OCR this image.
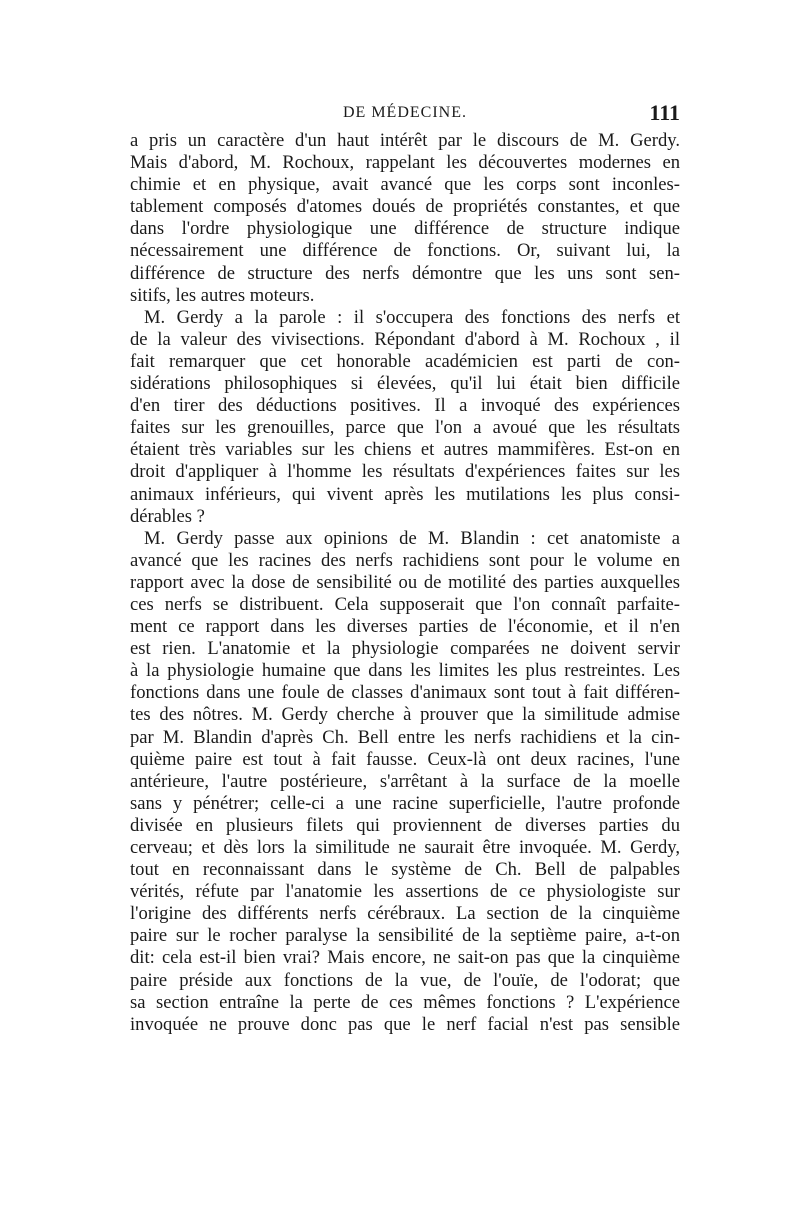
DE MÉDECINE.	111
a pris un caractère d'un haut intérêt par le discours de M. Gerdy.
Mais d'abord, M. Rochoux, rappelant les découvertes modernes en
chimie et en physique, avait avancé que les corps sont inconles-
tablement composés d'atomes doués de propriétés constantes, et que
dans l'ordre physiologique une différence de structure indique
nécessairement une différence de fonctions. Or, suivant lui, la
différence de structure des nerfs démontre que les uns sont sen-
sitifs, les autres moteurs.
M. Gerdy a la parole : il s'occupera des fonctions des nerfs et
de la valeur des vivisections. Répondant d'abord à M. Rochoux , il
fait remarquer que cet honorable académicien est parti de con-
sidérations philosophiques si élevées, qu'il lui était bien difficile
d'en tirer des déductions positives. Il a invoqué des expériences
faites sur les grenouilles, parce que l'on a avoué que les résultats
étaient très variables sur les chiens et autres mammifères. Est-on en
droit d'appliquer à l'homme les résultats d'expériences faites sur les
animaux inférieurs, qui vivent après les mutilations les plus consi-
dérables ?
M. Gerdy passe aux opinions de M. Blandin : cet anatomiste a
avancé que les racines des nerfs rachidiens sont pour le volume en
rapport avec la dose de sensibilité ou de motilité des parties auxquelles
ces nerfs se distribuent. Cela supposerait que l'on connaît parfaite-
ment ce rapport dans les diverses parties de l'économie, et il n'en
est rien. L'anatomie et la physiologie comparées ne doivent servir
à la physiologie humaine que dans les limites les plus restreintes. Les
fonctions dans une foule de classes d'animaux sont tout à fait différen-
tes des nôtres. M. Gerdy cherche à prouver que la similitude admise
par M. Blandin d'après Ch. Bell entre les nerfs rachidiens et la cin-
quième paire est tout à fait fausse. Ceux-là ont deux racines, l'une
antérieure, l'autre postérieure, s'arrêtant à la surface de la moelle
sans y pénétrer; celle-ci a une racine superficielle, l'autre profonde
divisée en plusieurs filets qui proviennent de diverses parties du
cerveau; et dès lors la similitude ne saurait être invoquée. M. Gerdy,
tout en reconnaissant dans le système de Ch. Bell de palpables
vérités, réfute par l'anatomie les assertions de ce physiologiste sur
l'origine des différents nerfs cérébraux. La section de la cinquième
paire sur le rocher paralyse la sensibilité de la septième paire, a-t-on
dit: cela est-il bien vrai? Mais encore, ne sait-on pas que la cinquième
paire préside aux fonctions de la vue, de l'ouïe, de l'odorat; que
sa section entraîne la perte de ces mêmes fonctions ? L'expérience
invoquée ne prouve donc pas que le nerf facial n'est pas sensible
